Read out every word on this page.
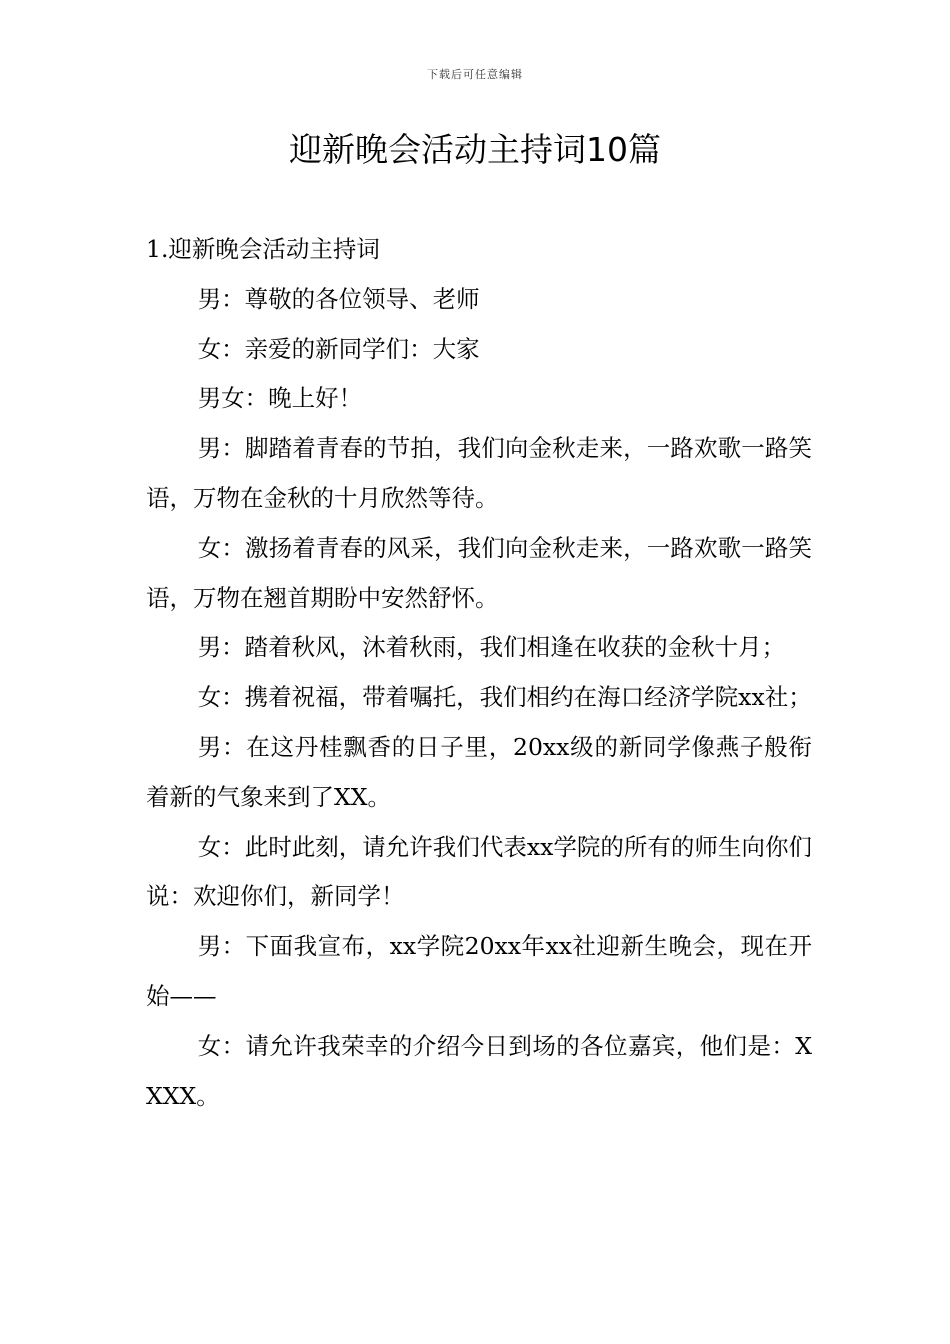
下载后可任意编辑
迎新晚会活动主持词10篇
1.迎新晚会活动主持词

男：尊敬的各位领导、老师

女：亲爱的新同学们：大家

男女：晚上好！

男：脚踏着青春的节拍，我们向金秋走来，一路欢歌一路笑语，万物在金秋的十月欣然等待。

女：激扬着青春的风采，我们向金秋走来，一路欢歌一路笑语，万物在翘首期盼中安然舒怀。

男：踏着秋风，沐着秋雨，我们相逢在收获的金秋十月；

女：携着祝福，带着嘱托，我们相约在海口经济学院xx社；

男：在这丹桂飘香的日子里，20xx级的新同学像燕子般衔着新的气象来到了XX。

女：此时此刻，请允许我们代表xx学院的所有的师生向你们说：欢迎你们，新同学！

男：下面我宣布，xx学院20xx年xx社迎新生晚会，现在开始——

女：请允许我荣幸的介绍今日到场的各位嘉宾，他们是：XXXX。
